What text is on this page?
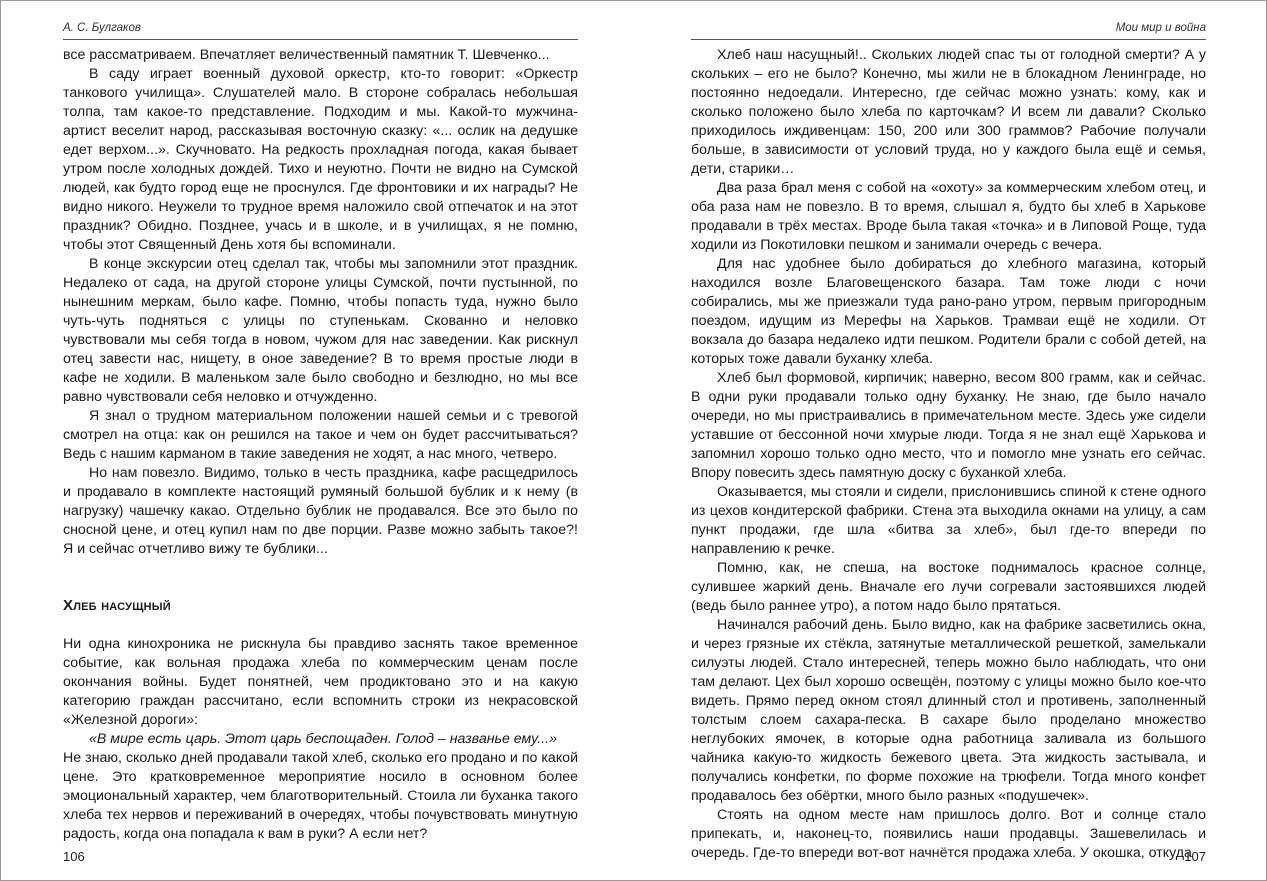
А. С. Булгаков

все рассматриваем. Впечатляет величественный памятник Т. Шевченко...

В саду играет военный духовой оркестр, кто-то говорит: «Оркестр танкового училища». Слушателей мало. В стороне собралась небольшая толпа, там какое-то представление. Подходим и мы. Какой-то мужчина-артист веселит народ, рассказывая восточную сказку: «... ослик на дедушке едет верхом...». Скучновато. На редкость прохладная погода, какая бывает утром после холодных дождей. Тихо и неуютно. Почти не видно на Сумской людей, как будто город еще не проснулся. Где фронтовики и их награды? Не видно никого. Неужели то трудное время наложило свой отпечаток и на этот праздник? Обидно. Позднее, учась и в школе, и в училищах, я не помню, чтобы этот Священный День хотя бы вспоминали.

В конце экскурсии отец сделал так, чтобы мы запомнили этот праздник. Недалеко от сада, на другой стороне улицы Сумской, почти пустынной, по нынешним меркам, было кафе. Помню, чтобы попасть туда, нужно было чуть-чуть подняться с улицы по ступенькам. Скованно и неловко чувствовали мы себя тогда в новом, чужом для нас заведении. Как рискнул отец завести нас, нищету, в оное заведение? В то время простые люди в кафе не ходили. В маленьком зале было свободно и безлюдно, но мы все равно чувствовали себя неловко и отчужденно.

Я знал о трудном материальном положении нашей семьи и с тревогой смотрел на отца: как он решился на такое и чем он будет рассчитываться? Ведь с нашим карманом в такие заведения не ходят, а нас много, четверо.

Но нам повезло. Видимо, только в честь праздника, кафе расщедрилось и продавало в комплекте настоящий румяный большой бублик и к нему (в нагрузку) чашечку какао. Отдельно бублик не продавался. Все это было по сносной цене, и отец купил нам по две порции. Разве можно забыть такое?! Я и сейчас отчетливо вижу те бублики...

Хлеб насущный

Ни одна кинохроника не рискнула бы правдиво заснять такое временное событие, как вольная продажа хлеба по коммерческим ценам после окончания войны. Будет понятней, чем продиктовано это и на какую категорию граждан рассчитано, если вспомнить строки из некрасовской «Железной дороги»:

«В мире есть царь. Этот царь беспощаден. Голод – названье ему...»

Не знаю, сколько дней продавали такой хлеб, сколько его продано и по какой цене. Это кратковременное мероприятие носило в основном более эмоциональный характер, чем благотворительный. Стоила ли буханка такого хлеба тех нервов и переживаний в очередях, чтобы почувствовать минутную радость, когда она попадала к вам в руки? А если нет?

106
Мои мир и война

Хлеб наш насущный!.. Скольких людей спас ты от голодной смерти? А у скольких – его не было? Конечно, мы жили не в блокадном Ленинграде, но постоянно недоедали. Интересно, где сейчас можно узнать: кому, как и сколько положено было хлеба по карточкам? И всем ли давали? Сколько приходилось иждивенцам: 150, 200 или 300 граммов? Рабочие получали больше, в зависимости от условий труда, но у каждого была ещё и семья, дети, старики…

Два раза брал меня с собой на «охоту» за коммерческим хлебом отец, и оба раза нам не повезло. В то время, слышал я, будто бы хлеб в Харькове продавали в трёх местах. Вроде была такая «точка» и в Липовой Роще, туда ходили из Покотиловки пешком и занимали очередь с вечера.

Для нас удобнее было добираться до хлебного магазина, который находился возле Благовещенского базара. Там тоже люди с ночи собирались, мы же приезжали туда рано-рано утром, первым пригородным поездом, идущим из Мерефы на Харьков. Трамваи ещё не ходили. От вокзала до базара недалеко идти пешком. Родители брали с собой детей, на которых тоже давали буханку хлеба.

Хлеб был формовой, кирпичик; наверно, весом 800 грамм, как и сейчас. В одни руки продавали только одну буханку. Не знаю, где было начало очереди, но мы пристраивались в примечательном месте. Здесь уже сидели уставшие от бессонной ночи хмурые люди. Тогда я не знал ещё Харькова и запомнил хорошо только одно место, что и помогло мне узнать его сейчас. Впору повесить здесь памятную доску с буханкой хлеба.

Оказывается, мы стояли и сидели, прислонившись спиной к стене одного из цехов кондитерской фабрики. Стена эта выходила окнами на улицу, а сам пункт продажи, где шла «битва за хлеб», был где-то впереди по направлению к речке.

Помню, как, не спеша, на востоке поднималось красное солнце, сулившее жаркий день. Вначале его лучи согревали застоявшихся людей (ведь было раннее утро), а потом надо было прятаться.

Начинался рабочий день. Было видно, как на фабрике засветились окна, и через грязные их стёкла, затянутые металлической решеткой, замелькали силуэты людей. Стало интересней, теперь можно было наблюдать, что они там делают. Цех был хорошо освещён, поэтому с улицы можно было кое-что видеть. Прямо перед окном стоял длинный стол и противень, заполненный толстым слоем сахара-песка. В сахаре было проделано множество неглубоких ямочек, в которые одна работница заливала из большого чайника какую-то жидкость бежевого цвета. Эта жидкость застывала, и получались конфетки, по форме похожие на трюфели. Тогда много конфет продавалось без обёртки, много было разных «подушечек».

Стоять на одном месте нам пришлось долго. Вот и солнце стало припекать, и, наконец-то, появились наши продавцы. Зашевелилась и очередь. Где-то впереди вот-вот начнётся продажа хлеба. У окошка, откуда

107
